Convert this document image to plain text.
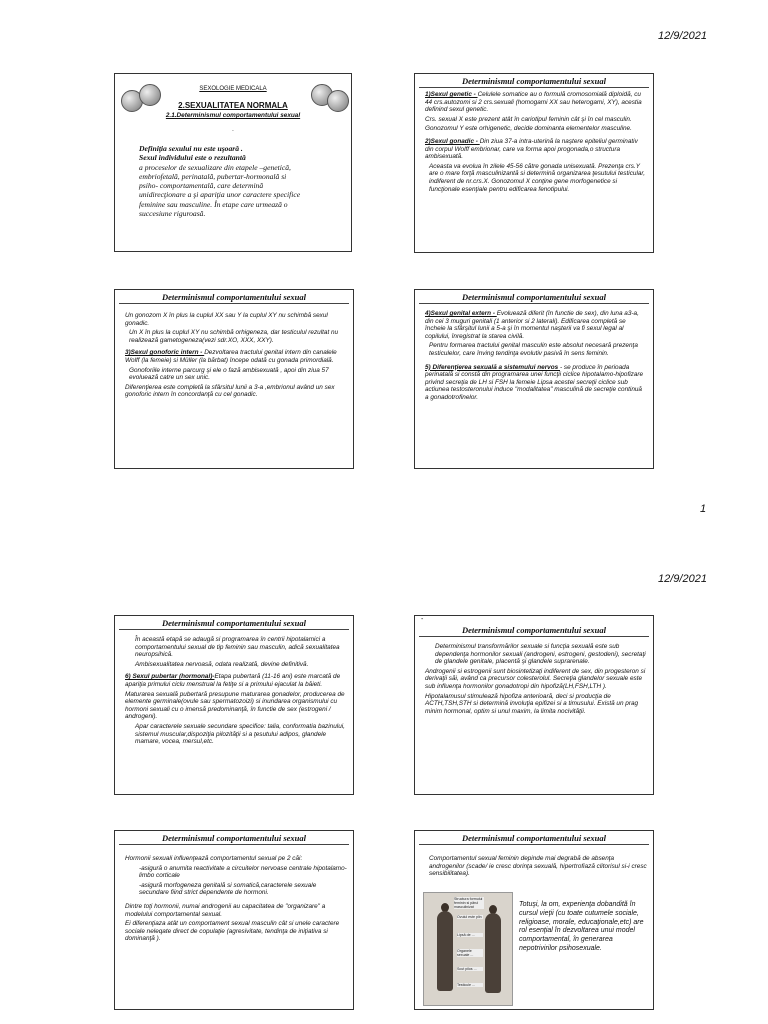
12/9/2021
SEXOLOGIE MEDICALA
2.SEXUALITATEA NORMALA
2.1.Determinismul comportamentului sexual
.
Definiţia sexului nu este uşoară .
Sexul individului este o rezultantă
a proceselor de sexualizare din etapele –genetică,
embriofetală, perinatală, pubertar-hormonală si
psiho- comportamentală, care determină
unidirecţionare a şi apariţia unor caractere specifice
feminine sau masculine. În etape care urmează o
succesiune riguroasă.
Determinismul comportamentului sexual

1)Sexul genetic - Celulele somatice au o formulă cromosomială diploidă, cu 44 crs.autozomi si 2 crs.sexuali (homogami XX sau heterogami, XY), acestia definind sexul genetic.

Crs. sexual X este prezent atât în cariotipul feminin cât şi în cel masculin.

Gonozomul Y este orhigenetic, decide dominanta elementelor masculine.

2)Sexul gonadic - Din ziua 37-a intra-uterină la naştere epiteliul germinativ din corpul Wolff embrionar, care va forma apoi progonada,o structura ambisexuată.

Aceasta va evolua în zilele 45-56 către gonada unisexuată. Prezenţa crs.Y are o mare forţă masculinizantă si determină organizarea ţesutului testicular, indiferent de nr.crs.X. Gonozomul X conţine gene morfogenetice si funcţionale esenţiale pentru edificarea fenotipului.

Determinismul comportamentului sexual

Un gonozom X în plus la cuplul XX sau Y la cuplul XY nu schimbă sexul gonadic.

Un X în plus la cuplul XY nu schimbă orhigeneza, dar testiculul rezultat nu realizează gametogeneza(vezi sdr.XO, XXX, XXY).

3)Sexul gonoforic intern - Dezvoltarea tractului genital intern din canalele Wolff (la femeie) si Müller (la bărbat) începe odată cu gonada primordială.

Gonoforiile interne parcurg şi ele o fază ambisexuată , apoi din ziua 57 evoluează catre un sex unic.

Diferenţierea este completă la sfârsitul lunii a 3-a ,embrionul având un sex gonoforic intern în concordanţă cu cel gonadic.

Determinismul comportamentului sexual

4)Sexul genital extern - Evoluează diferit (în functie de sex), din luna a3-a, din cei 3 muguri genitali (1 anterior si 2 laterali). Edificarea completă se încheie la sfârşitul lunii a 5-a şi în momentul naşterii va fi sexul legal al copilului, înregistrat la starea civilă.

Pentru formarea tractului genital masculin este absolut necesară prezenţa testiculelor, care înving tendinţa evolutiv pasivă în sens feminin.

5) Diferenţierea sexuală a sistemului nervos - se produce în perioada perinatală si constă din programarea unei funcţii ciclice hipotalamo-hipofizare privind secreţia de LH si FSH la femeie Lipsa acestei secreţii ciclice sub actiunea testosteronului induce "modalitatea" masculină de secreţie continuă a gonadotrofinelor.

1
12/9/2021
Determinismul comportamentului sexual

În această etapă se adaugă si programarea în centrii hipotalamici a comportamentului sexual de tip feminin sau masculin, adică sexualitatea neuropsihică.

Ambisexualitatea nervoasă, odata realizată, devine definitivă.

6) Sexul pubertar (hormonal)-Etapa pubertară (11-16 ani) este marcată de apariţia primului ciclu menstrual la fetiţe si a primului ejaculat la băieti.

Maturarea sexuală pubertară presupune maturarea gonadelor, producerea de elemente germinale(ovule sau spermatozoizi) si inundarea organismului cu hormoni sexuali cu o imensă predominanţă, în functie de sex (estrogeni / androgeni).

Apar caracterele sexuale secundare specifice: talia, conformatia bazinului, sistemul muscular,dispoziţia pilozităţii si a ţesutului adipos, glandele mamare, vocea, mersul,etc.

-
Determinismul comportamentului sexual

Determinismul transformărilor sexuale si funcţia sexuală este sub dependenţa hormonilor sexuali (androgeni, estrogeni, gestodeni), secretaţi de glandele genitale, placentă şi glandele suprarenale.

Androgenii si estrogenii sunt biosintetizaţi indiferent de sex, din progesteron si derivaţii săi, având ca precursor colesterolul. Secreţia glandelor sexuale este sub influenţa hormonilor gonadotropi din hipofiză(LH,FSH,LTH ).

Hipotalamusul stimulează hipofiza anterioară, deci si producţia de ACTH,TSH,STH si determină involuţia epifizei si a timusului. Există un prag minim hormonal, optim si unul maxim, la limita nocivităţii.

Determinismul comportamentului sexual

Hormonii sexuali influenţează comportamentul sexual pe 2 căi:

-asigură o anumita reactivitate a circuitelor nervoase centrale hipotalamo-limbo corticale

-asigură morfogeneza genitală si somatică,caracterele sexuale secundare fiind strict dependente de hormoni.

Dintre toţi hormonii, numai androgenii au capacitatea de "organizare" a modelului comportamental sexual.

Ei diferenţiaza atât un comportament sexual masculin cât si unele caractere sociale neleqate direct de copulaţie (agresivitate, tendinţa de iniţiativa si dominanţă ).

Determinismul comportamentului sexual
Comportamentul sexual feminin depinde mai degrabă de absenţa androgenilor (scade/ ie cresc dorinţa sexuală, hipertrofiază clitorisul si-i cresc sensibilitatea).
Structura formului feminin si părul masculinizat
Ovulul este plin
Lipsă de ...
Organele sexuale ...
Scut pilos ...
Testicule ...
Totuşi, la om, experienţa dobandită în cursul vieţii (cu toate cutumele sociale, religioase, morale, educaţionale,etc) are rol esenţial în dezvoltarea unui model comportamental, în generarea nepotrivirilor psihosexuale.
